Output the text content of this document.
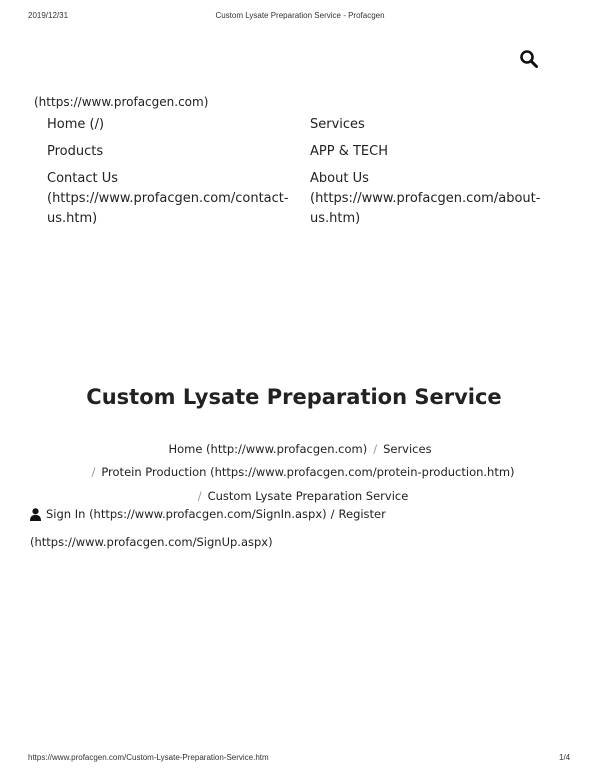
2019/12/31	Custom Lysate Preparation Service - Profacgen
(https://www.profacgen.com)
Home (/)	Services
Products	APP & TECH
Contact Us (https://www.profacgen.com/contact-us.htm)
About Us (https://www.profacgen.com/about-us.htm)
Custom Lysate Preparation Service
Home (http://www.profacgen.com) / Services
/ Protein Production (https://www.profacgen.com/protein-production.htm)
/ Custom Lysate Preparation Service
Sign In (https://www.profacgen.com/SignIn.aspx) / Register
(https://www.profacgen.com/SignUp.aspx)
https://www.profacgen.com/Custom-Lysate-Preparation-Service.htm	1/4
